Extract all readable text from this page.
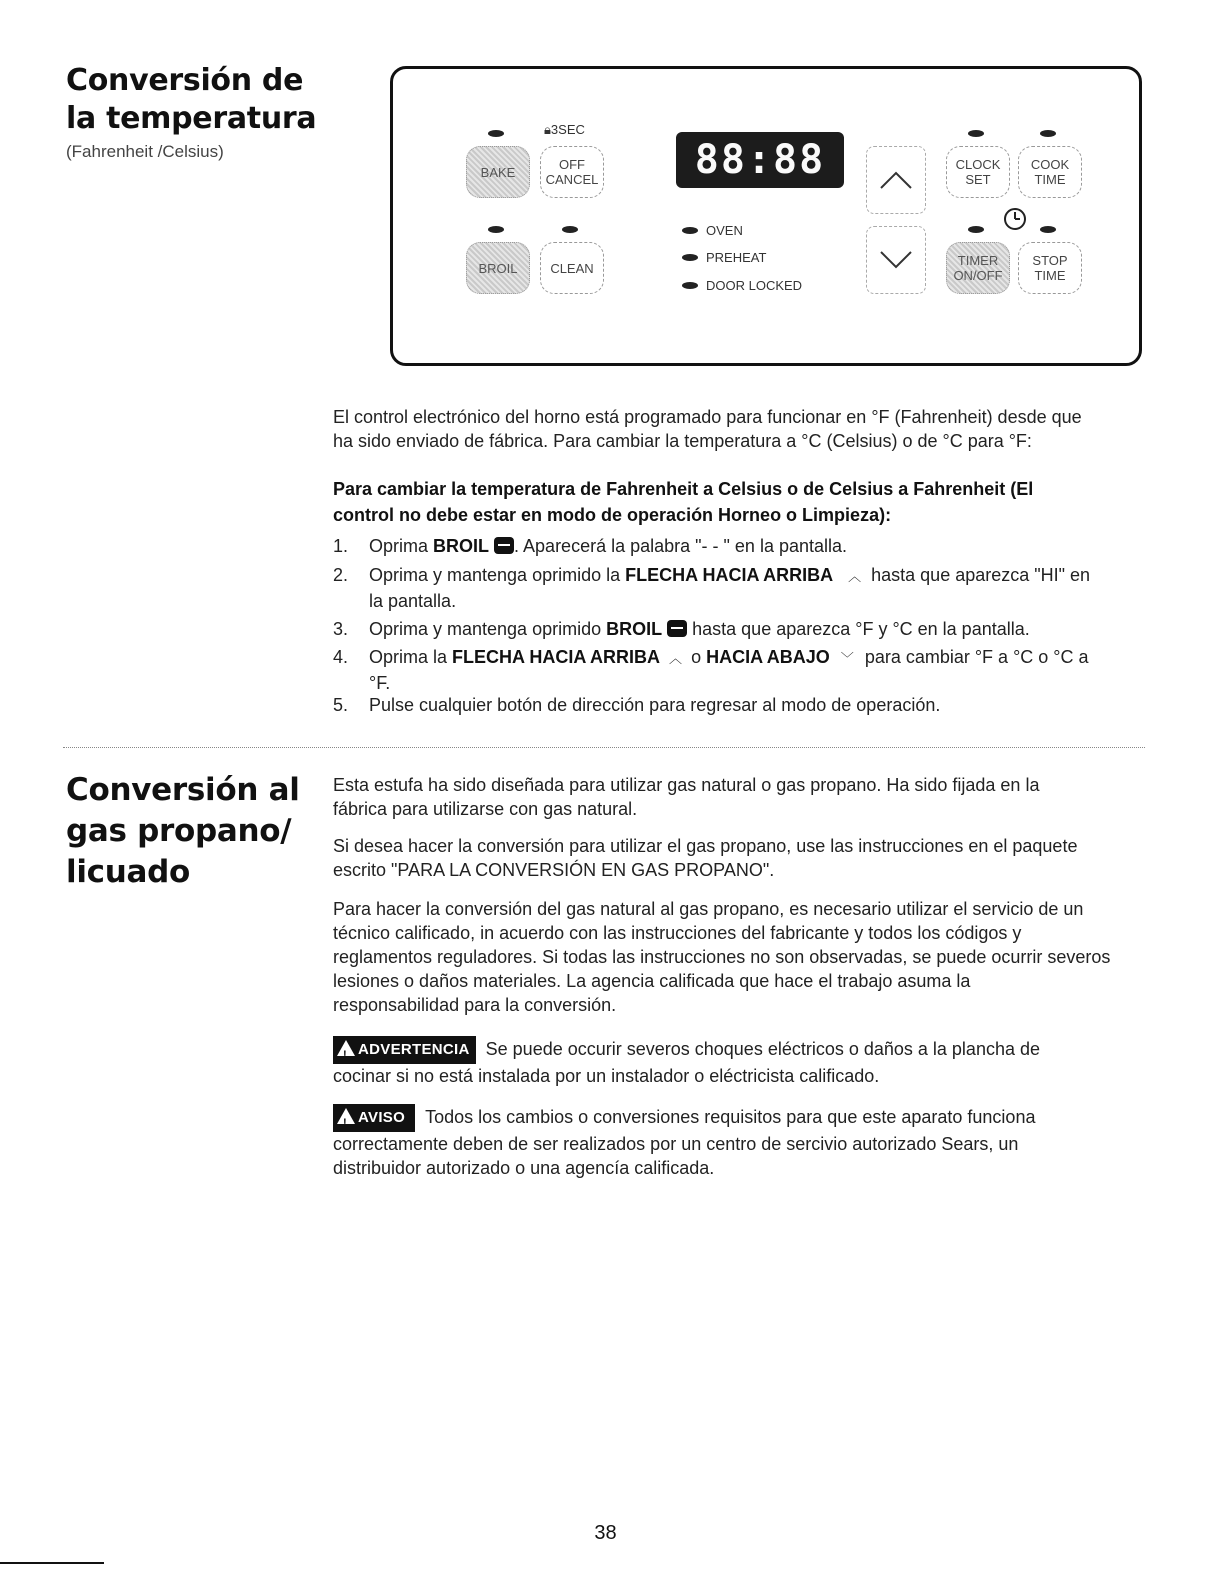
Conversión de
la temperatura
(Fahrenheit /Celsius)
🔒︎3SEC
BAKE	OFF
CANCEL
BROIL	CLEAN
88:88
OVEN
PREHEAT
DOOR LOCKED
CLOCK
SET
COOK
TIME
TIMER
ON/OFF
STOP
TIME
El control electrónico del horno está programado para funcionar en °F (Fahrenheit) desde que
ha sido enviado de fábrica. Para cambiar la temperatura a °C (Celsius) o de °C para °F:
Para cambiar la temperatura de Fahrenheit a Celsius o de Celsius a Fahrenheit (El
control no debe estar en modo de operación Horneo o Limpieza):
1. Oprima BROIL . Aparecerá la palabra "- - " en la pantalla.
2. Oprima y mantenga oprimido la FLECHA HACIA ARRIBA ︿ hasta que aparezca "HI" en
la pantalla.
3. Oprima y mantenga oprimido BROIL hasta que aparezca °F y °C en la pantalla.
4. Oprima la FLECHA HACIA ARRIBA ︿ o HACIA ABAJO ﹀ para cambiar °F a °C o °C a
°F.
5. Pulse cualquier botón de dirección para regresar al modo de operación.
Conversión al
gas propano/
licuado
Esta estufa ha sido diseñada para utilizar gas natural o gas propano. Ha sido fijada en la
fábrica para utilizarse con gas natural.
Si desea hacer la conversión para utilizar el gas propano, use las instrucciones en el paquete
escrito "PARA LA CONVERSIÓN EN GAS PROPANO".
Para hacer la conversión del gas natural al gas propano, es necesario utilizar el servicio de un
técnico calificado, in acuerdo con las instrucciones del fabricante y todos los códigos y
reglamentos reguladores. Si todas las instrucciones no son observadas, se puede ocurrir severos
lesiones o daños materiales. La agencia calificada que hace el trabajo asuma la
responsabilidad para la conversión.
!ADVERTENCIA Se puede occurir severos choques eléctricos o daños a la plancha de
cocinar si no está instalada por un instalador o eléctricista calificado.
!AVISO Todos los cambios o conversiones requisitos para que este aparato funciona
correctamente deben de ser realizados por un centro de sercivio autorizado Sears, un
distribuidor autorizado o una agencía calificada.
38
